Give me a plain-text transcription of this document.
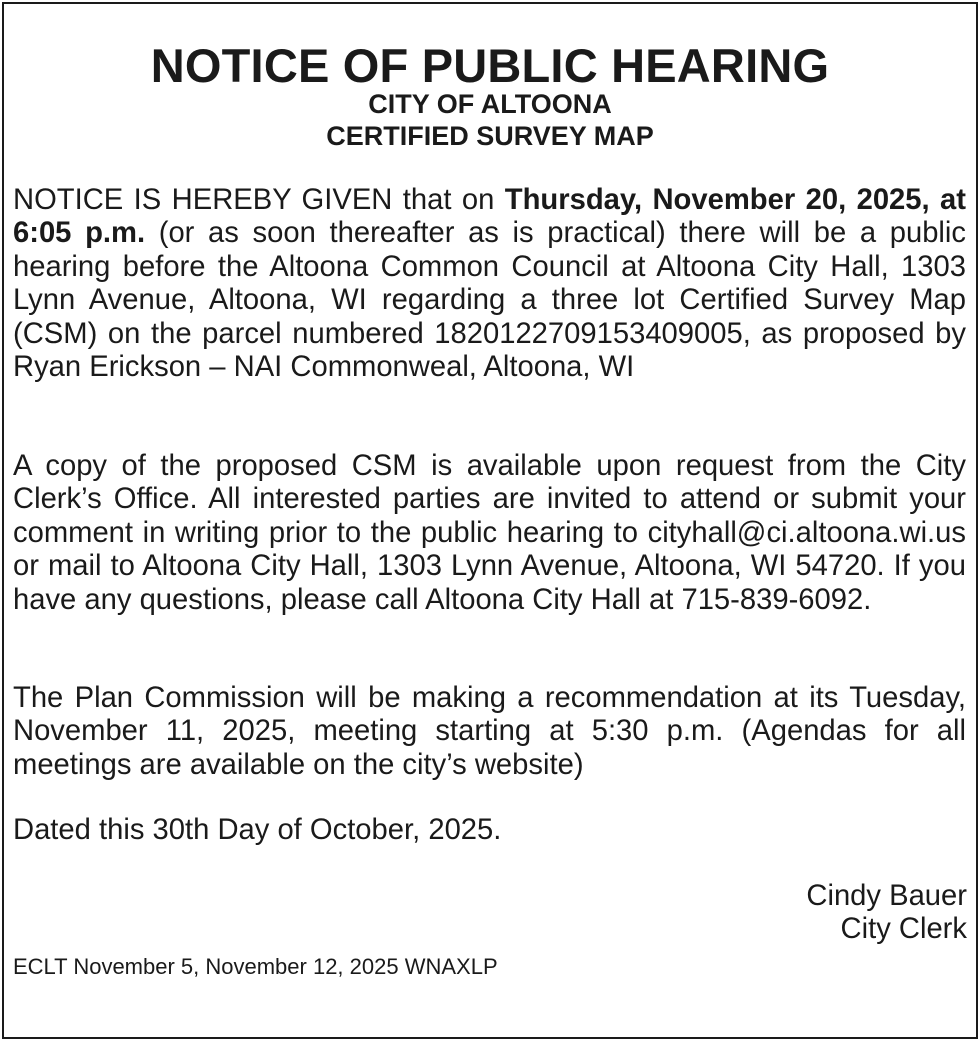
NOTICE OF PUBLIC HEARING
CITY OF ALTOONA
CERTIFIED SURVEY MAP
NOTICE IS HEREBY GIVEN that on Thursday, November 20, 2025, at 6:05 p.m. (or as soon thereafter as is practical) there will be a public hearing before the Altoona Common Council at Altoona City Hall, 1303 Lynn Avenue, Altoona, WI regarding a three lot Certified Survey Map (CSM) on the parcel numbered 1820122709153409005, as proposed by Ryan Erickson – NAI Commonweal, Altoona, WI
A copy of the proposed CSM is available upon request from the City Clerk’s Office. All interested parties are invited to attend or submit your comment in writing prior to the public hearing to cityhall@ci.altoona.wi.us or mail to Altoona City Hall, 1303 Lynn Avenue, Altoona, WI 54720. If you have any questions, please call Altoona City Hall at 715-839-6092.
The Plan Commission will be making a recommendation at its Tuesday, November 11, 2025, meeting starting at 5:30 p.m. (Agendas for all meetings are available on the city’s website)
Dated this 30th Day of October, 2025.
Cindy Bauer
City Clerk
ECLT November 5, November 12, 2025 WNAXLP
